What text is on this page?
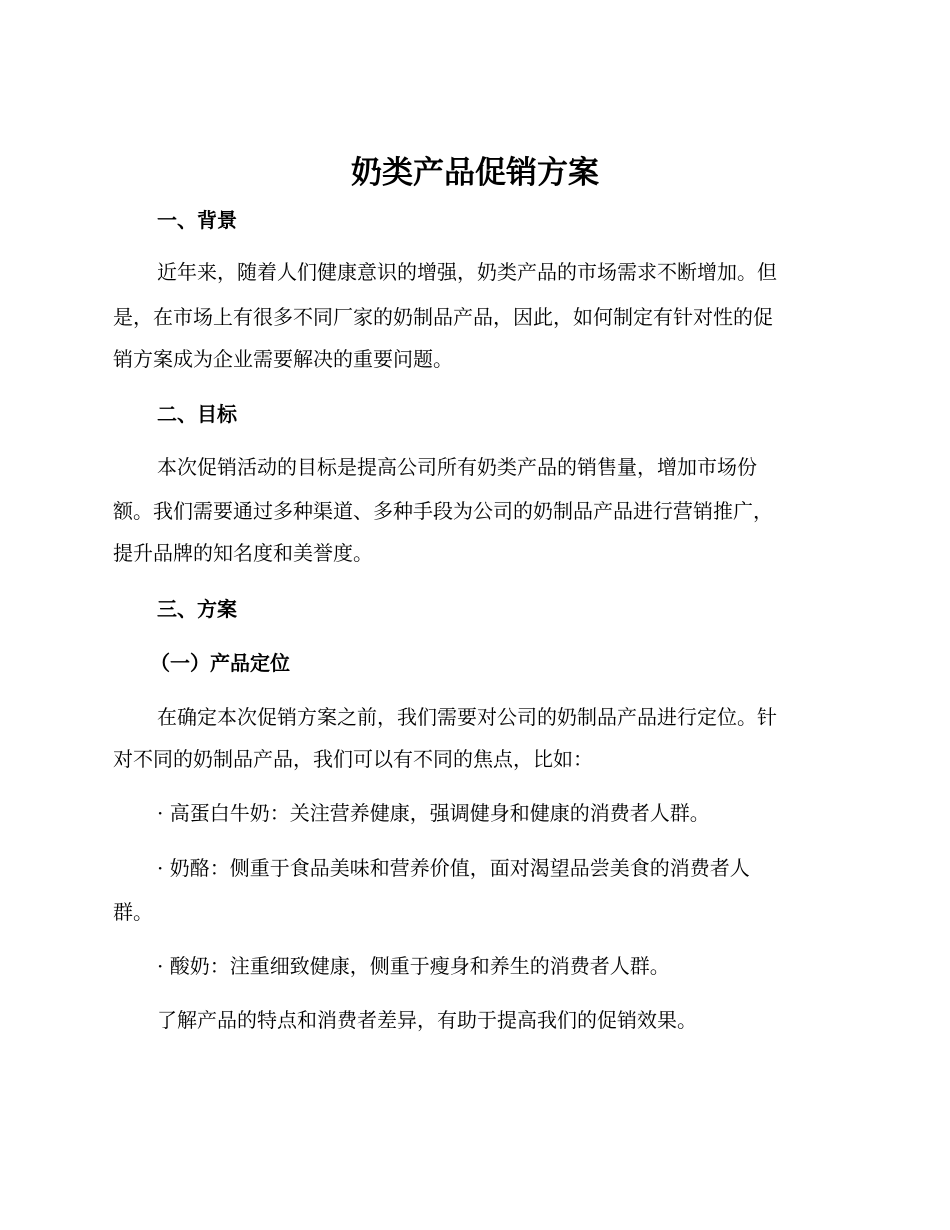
奶类产品促销方案
一、背景

近年来，随着人们健康意识的增强，奶类产品的市场需求不断增加。但

是，在市场上有很多不同厂家的奶制品产品，因此，如何制定有针对性的促

销方案成为企业需要解决的重要问题。

二、目标

本次促销活动的目标是提高公司所有奶类产品的销售量，增加市场份

额。我们需要通过多种渠道、多种手段为公司的奶制品产品进行营销推广，

提升品牌的知名度和美誉度。

三、方案
（一）产品定位

在确定本次促销方案之前，我们需要对公司的奶制品产品进行定位。针

对不同的奶制品产品，我们可以有不同的焦点，比如：

· 高蛋白牛奶：关注营养健康，强调健身和健康的消费者人群。

· 奶酪：侧重于食品美味和营养价值，面对渴望品尝美食的消费者人

群。

· 酸奶：注重细致健康，侧重于瘦身和养生的消费者人群。

了解产品的特点和消费者差异，有助于提高我们的促销效果。
